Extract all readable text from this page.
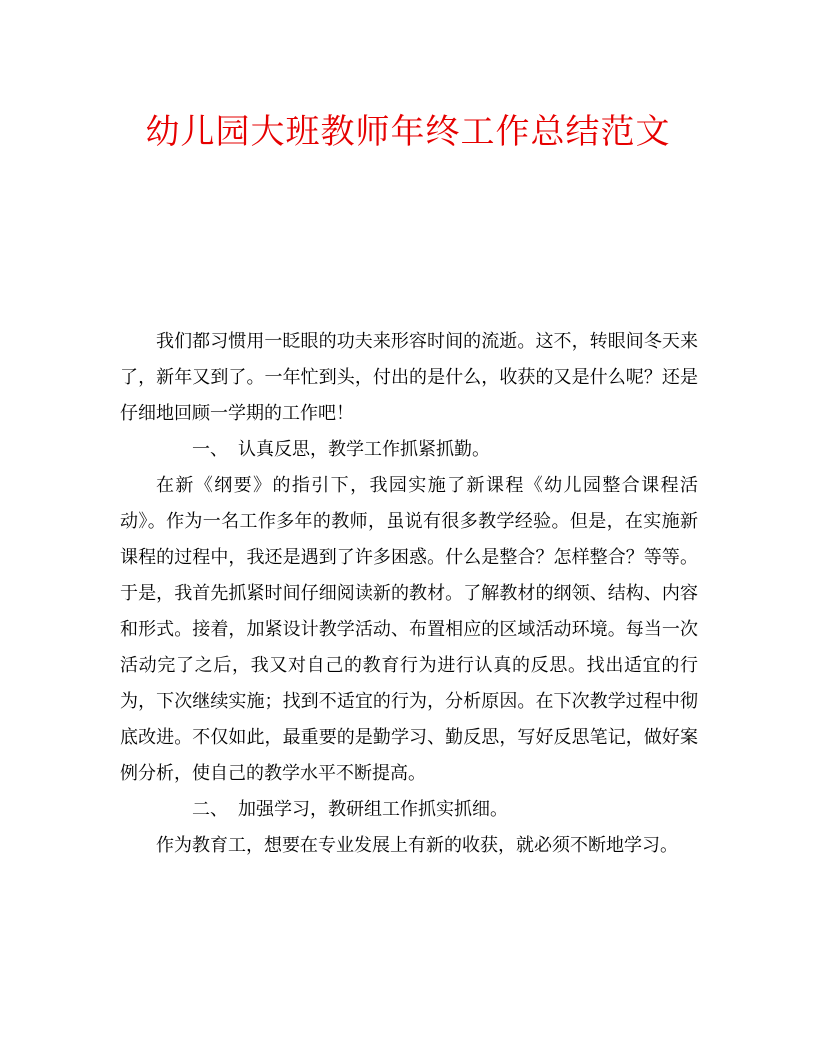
幼儿园大班教师年终工作总结范文

我们都习惯用一眨眼的功夫来形容时间的流逝。这不，转眼间冬天来了，新年又到了。一年忙到头，付出的是什么，收获的又是什么呢？还是仔细地回顾一学期的工作吧！

一、 认真反思，教学工作抓紧抓勤。

在新《纲要》的指引下，我园实施了新课程《幼儿园整合课程活动》。作为一名工作多年的教师，虽说有很多教学经验。但是，在实施新课程的过程中，我还是遇到了许多困惑。什么是整合？怎样整合？等等。于是，我首先抓紧时间仔细阅读新的教材。了解教材的纲领、结构、内容和形式。接着，加紧设计教学活动、布置相应的区域活动环境。每当一次活动完了之后，我又对自己的教育行为进行认真的反思。找出适宜的行为，下次继续实施；找到不适宜的行为，分析原因。在下次教学过程中彻底改进。不仅如此，最重要的是勤学习、勤反思，写好反思笔记，做好案例分析，使自己的教学水平不断提高。

二、 加强学习，教研组工作抓实抓细。

作为教育工，想要在专业发展上有新的收获，就必须不断地学习。
